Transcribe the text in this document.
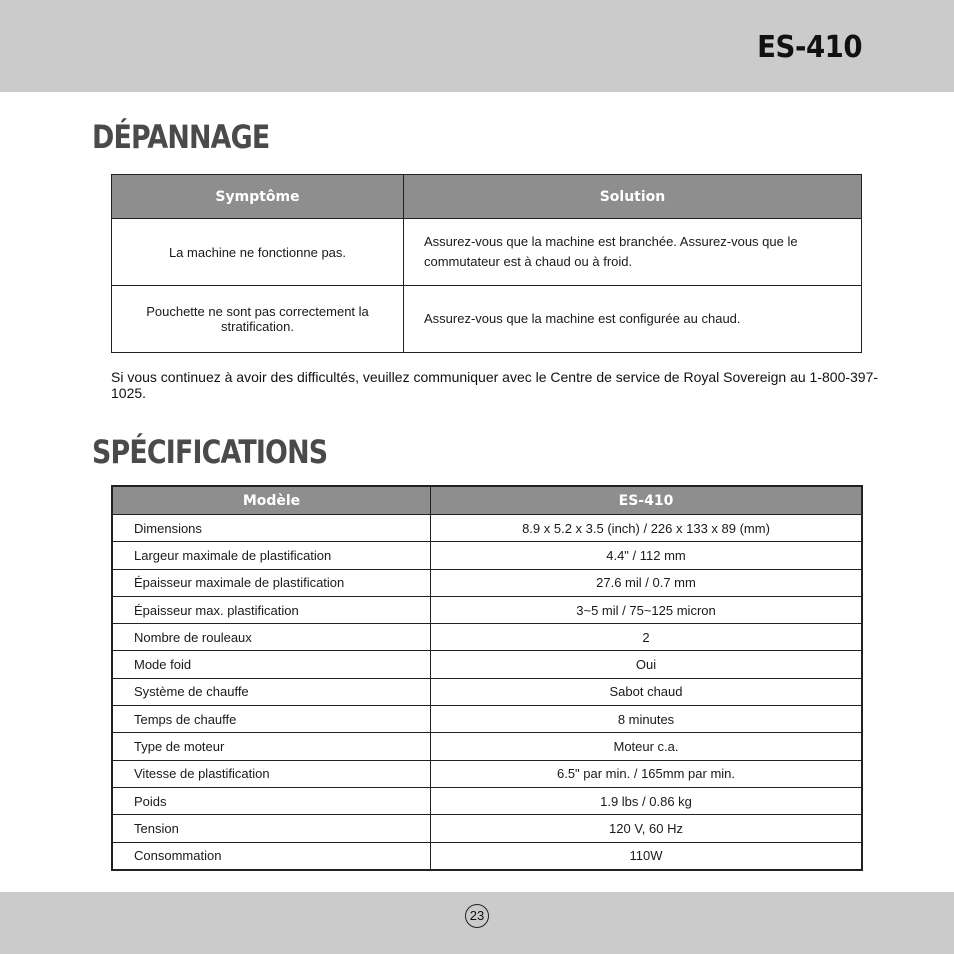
ES-410
DÉPANNAGE
Symptôme	Solution
La machine ne fonctionne pas.	Assurez-vous que la machine est branchée. Assurez-vous que le commutateur est à chaud ou à froid.
Pouchette ne sont pas correctement la stratification.	Assurez-vous que la machine est configurée au chaud.
Si vous continuez à avoir des difficultés, veuillez communiquer avec le Centre de service de Royal Sovereign au 1-800-397-1025.
SPÉCIFICATIONS
Modèle	ES-410
Dimensions	8.9 x 5.2 x 3.5 (inch) / 226 x 133 x 89 (mm)
Largeur maximale de plastification	4.4" / 112 mm
Épaisseur maximale de plastification	27.6 mil / 0.7 mm
Épaisseur max. plastification	3~5 mil / 75~125 micron
Nombre de rouleaux	2
Mode foid	Oui
Système de chauffe	Sabot chaud
Temps de chauffe	8 minutes
Type de moteur	Moteur c.a.
Vitesse de plastification	6.5" par min. / 165mm par min.
Poids	1.9 lbs / 0.86 kg
Tension	120 V, 60 Hz
Consommation	110W
23
